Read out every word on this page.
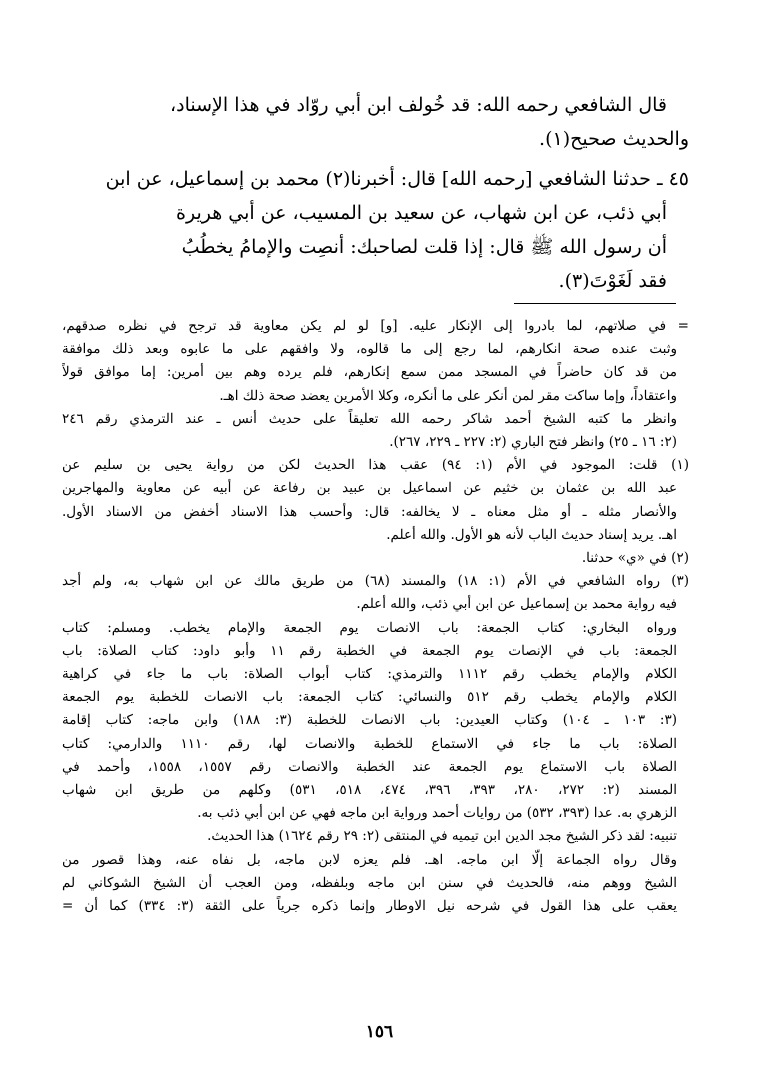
قال الشافعي رحمه الله: قد خُولف ابن أبي روّاد في هذا الإسناد،
والحديث صحيح(١).
٤٥ ـ حدثنا الشافعي [رحمه الله] قال: أخبرنا(٢) محمد بن إسماعيل، عن ابن
أبي ذئب، عن ابن شهاب، عن سعيد بن المسيب، عن أبي هريرة
أن رسول الله ﷺ قال: إذا قلت لصاحبك: أنصِت والإمامُ يخطُبُ
فقد لَغَوْتَ(٣).
= في صلاتهم، لما بادروا إلى الإنكار عليه. [و] لو لم يكن معاوية قد ترجح في نظره صدقهم،
وثبت عنده صحة انكارهم، لما رجع إلى ما قالوه، ولا وافقهم على ما عابوه وبعد ذلك موافقة
من قد كان حاضراً في المسجد ممن سمع إنكارهم، فلم يرده وهم بين أمرين: إما موافق قولاً
واعتقاداً، وإما ساكت مقر لمن أنكر على ما أنكره، وكلا الأمرين يعضد صحة ذلك اهـ.
وانظر ما كتبه الشيخ أحمد شاكر رحمه الله تعليقاً على حديث أنس ـ عند الترمذي رقم ٢٤٦
(٢: ١٦ ـ ٢٥) وانظر فتح الباري (٢: ٢٢٧ ـ ٢٢٩، ٢٦٧).
(١) قلت: الموجود في الأم (١: ٩٤) عقب هذا الحديث لكن من رواية يحيى بن سليم عن
عبد الله بن عثمان بن خثيم عن اسماعيل بن عبيد بن رفاعة عن أبيه عن معاوية والمهاجرين
والأنصار مثله ـ أو مثل معناه ـ لا يخالفه: قال: وأحسب هذا الاسناد أخفض من الاسناد الأول.
اهـ. يريد إسناد حديث الباب لأنه هو الأول. والله أعلم.
(٢) في «ي» حدثنا.
(٣) رواه الشافعي في الأم (١: ١٨) والمسند (٦٨) من طريق مالك عن ابن شهاب به، ولم أجد
فيه رواية محمد بن إسماعيل عن ابن أبي ذئب، والله أعلم.
ورواه البخاري: كتاب الجمعة: باب الانصات يوم الجمعة والإمام يخطب. ومسلم: كتاب
الجمعة: باب في الإنصات يوم الجمعة في الخطبة رقم ١١ وأبو داود: كتاب الصلاة: باب
الكلام والإمام يخطب رقم ١١١٢ والترمذي: كتاب أبواب الصلاة: باب ما جاء في كراهية
الكلام والإمام يخطب رقم ٥١٢ والنسائي: كتاب الجمعة: باب الانصات للخطبة يوم الجمعة
(٣: ١٠٣ ـ ١٠٤) وكتاب العيدين: باب الانصات للخطبة (٣: ١٨٨) وابن ماجه: كتاب إقامة
الصلاة: باب ما جاء في الاستماع للخطبة والانصات لها، رقم ١١١٠ والدارمي: كتاب
الصلاة باب الاستماع يوم الجمعة عند الخطبة والانصات رقم ١٥٥٧، ١٥٥٨، وأحمد في
المسند (٢: ٢٧٢، ٢٨٠، ٣٩٣، ٣٩٦، ٤٧٤، ٥١٨، ٥٣١) وكلهم من طريق ابن شهاب
الزهري به. عدا (٣٩٣، ٥٣٢) من روايات أحمد ورواية ابن ماجه فهي عن ابن أبي ذئب به.
تنبيه: لقد ذكر الشيخ مجد الدين ابن تيميه في المنتقى (٢: ٢٩ رقم ١٦٢٤) هذا الحديث.
وقال رواه الجماعة إلّا ابن ماجه. اهـ. فلم يعزه لابن ماجه، بل نفاه عنه، وهذا قصور من
الشيخ ووهم منه، فالحديث في سنن ابن ماجه وبلفظه، ومن العجب أن الشيخ الشوكاني لم
يعقب على هذا القول في شرحه نيل الاوطار وإنما ذكره جرياً على الثقة (٣: ٣٣٤) كما أن =
١٥٦
